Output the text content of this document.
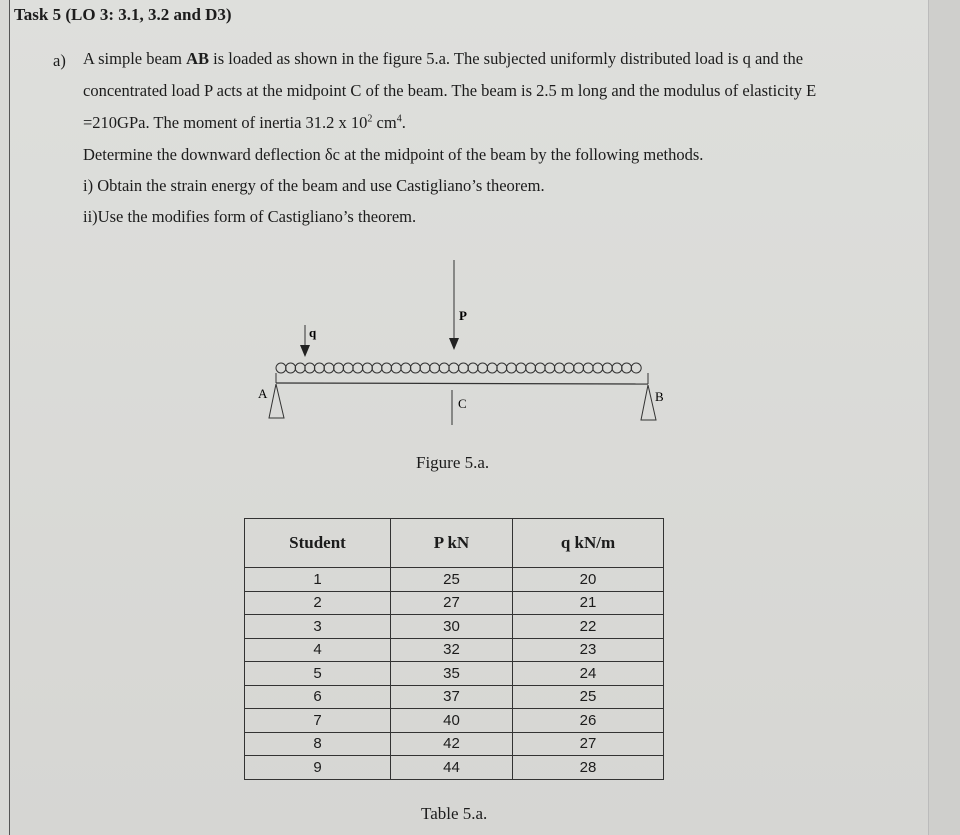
Task 5 (LO 3: 3.1, 3.2 and D3)
a) A simple beam AB is loaded as shown in the figure 5.a. The subjected uniformly distributed load is q and the
concentrated load P acts at the midpoint C of the beam. The beam is 2.5 m long and the modulus of elasticity E
=210GPa. The moment of inertia 31.2 x $10^2$ $cm^4$.
Determine the downward deflection δc at the midpoint of the beam by the following methods.
i) Obtain the strain energy of the beam and use Castigliano’s theorem.
ii)Use the modifies form of Castigliano’s theorem.
P
q
A	B
C
Figure 5.a.
Student	P kN	q kN/m
1	25	20
2	27	21
3	30	22
4	32	23
5	35	24
6	37	25
7	40	26
8	42	27
9	44	28
Table 5.a.
